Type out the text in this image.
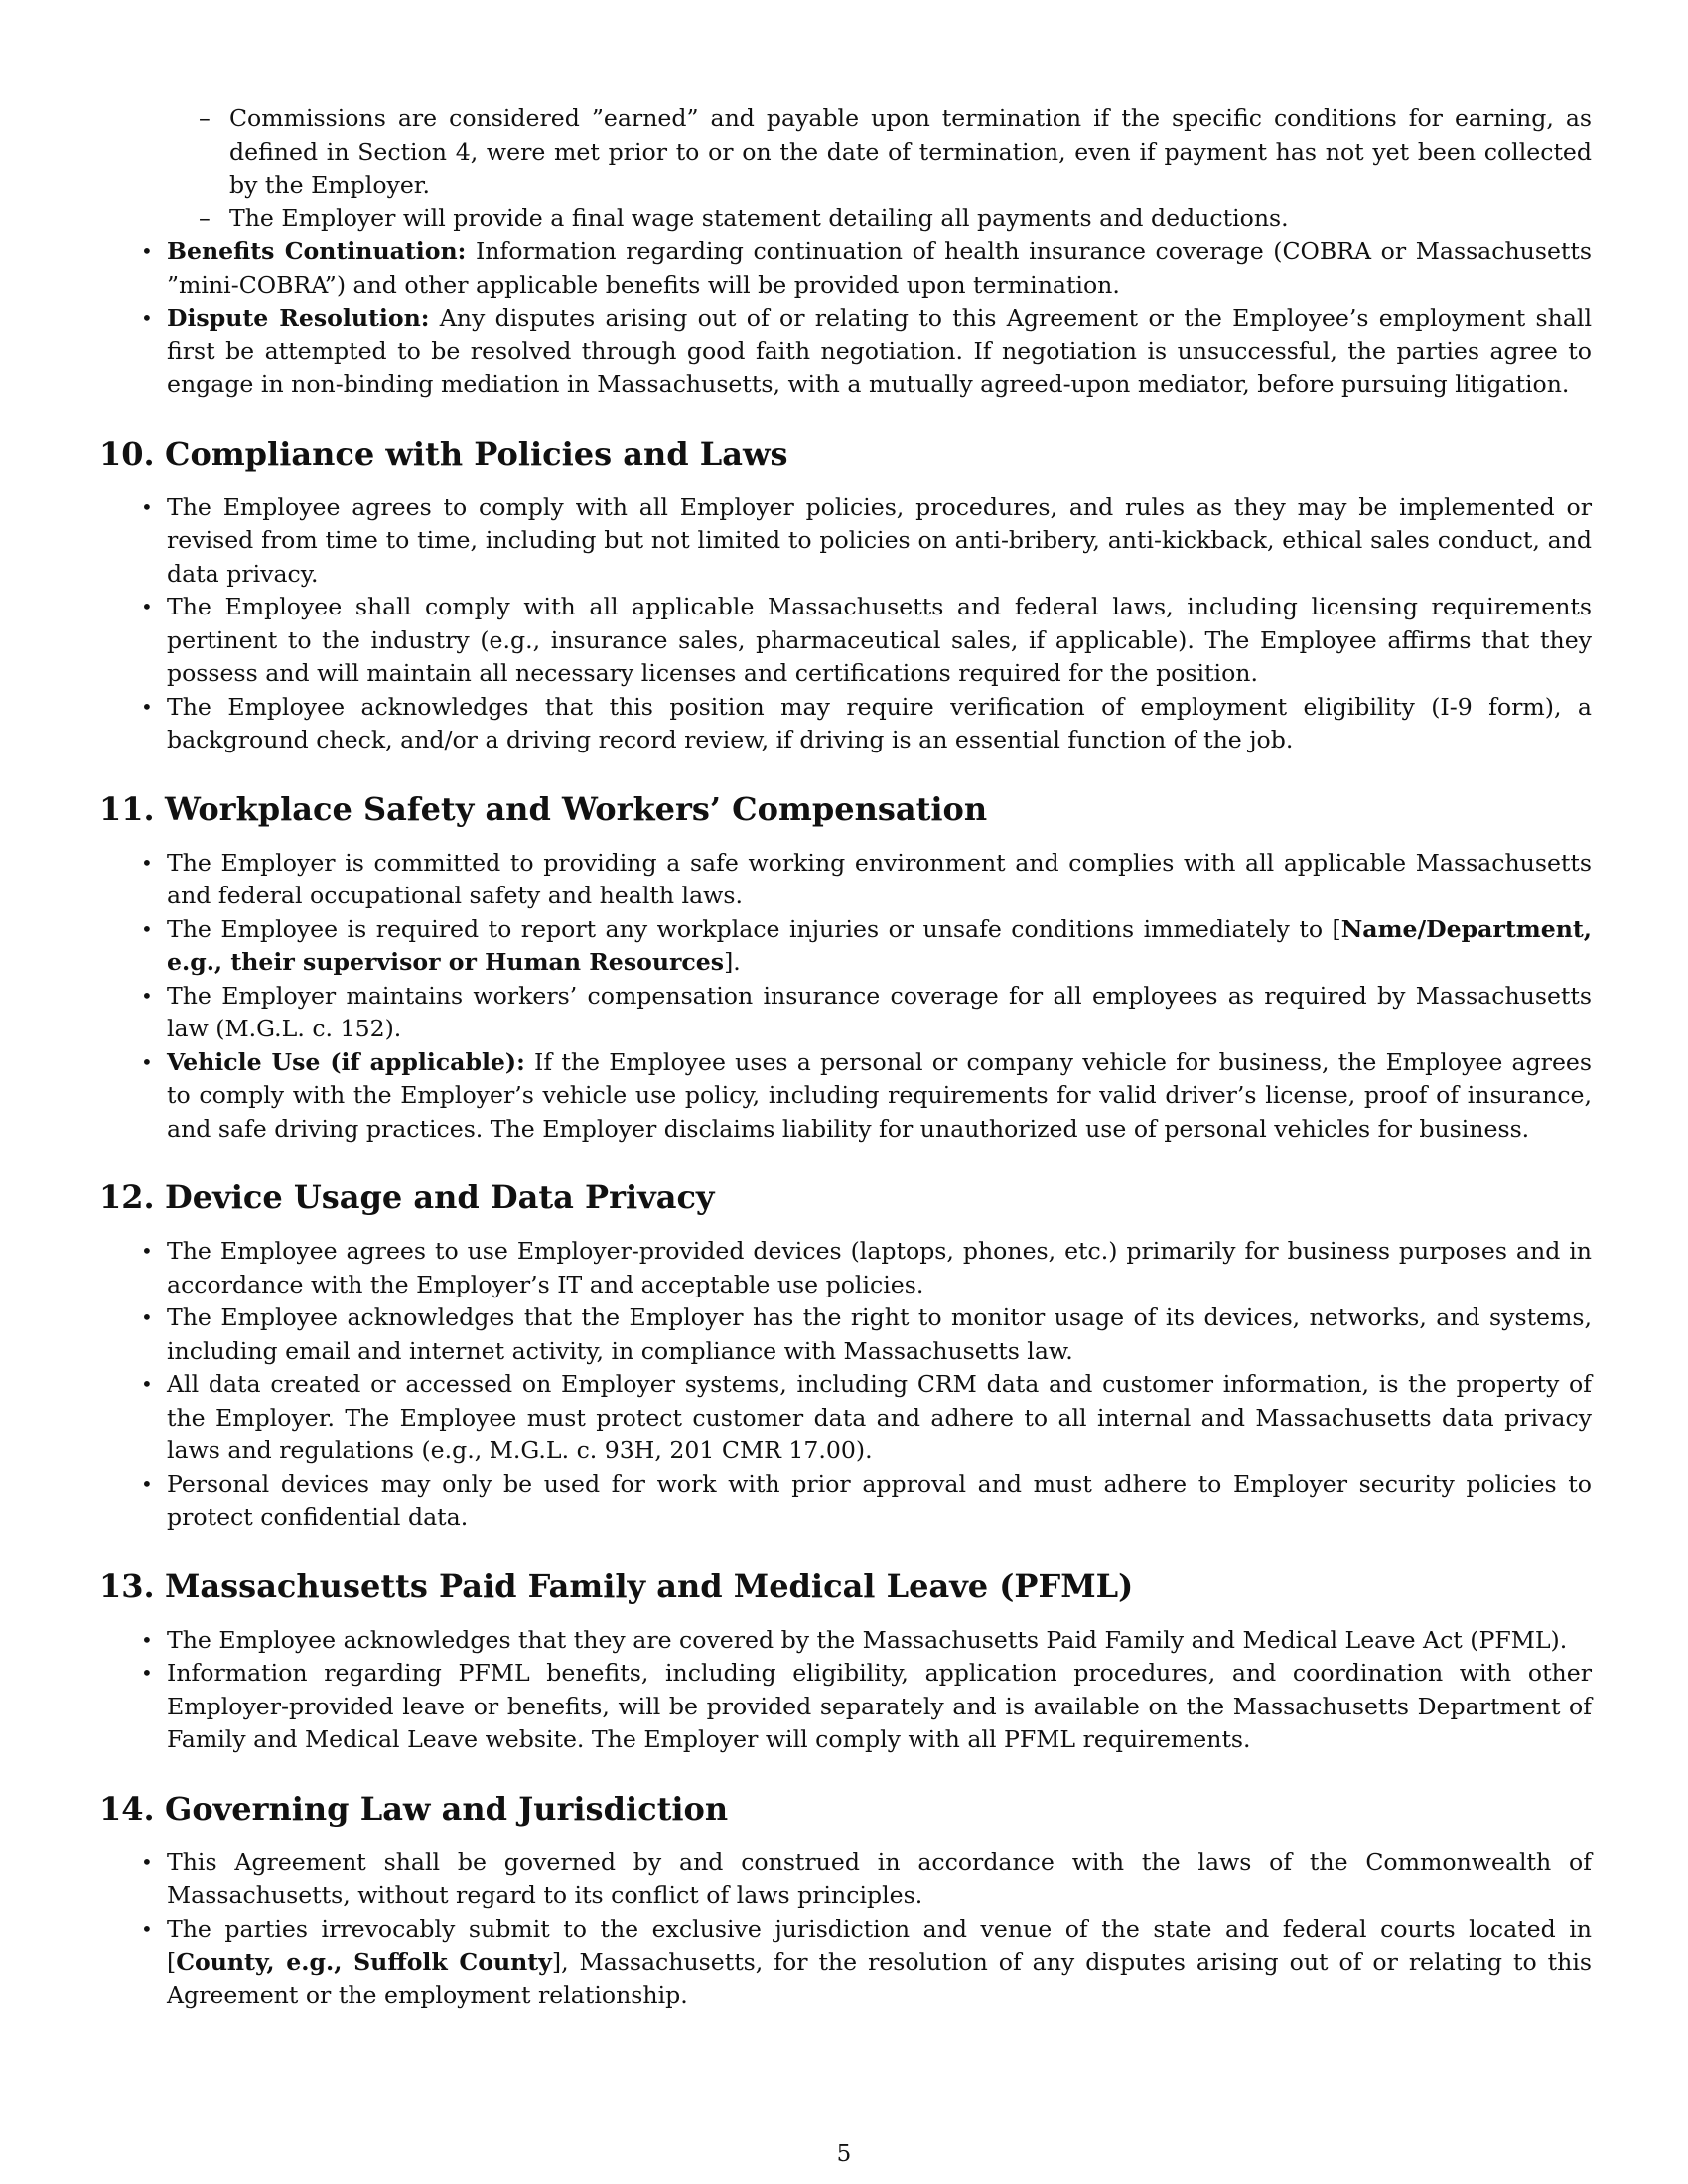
– Commissions are considered ”earned” and payable upon termination if the specific conditions for earning, as defined in Section 4, were met prior to or on the date of termination, even if payment has not yet been collected by the Employer.
– The Employer will provide a final wage statement detailing all payments and deductions.
• Benefits Continuation: Information regarding continuation of health insurance coverage (COBRA or Massachusetts ”mini-COBRA”) and other applicable benefits will be provided upon termination.
• Dispute Resolution: Any disputes arising out of or relating to this Agreement or the Employee’s employment shall first be attempted to be resolved through good faith negotiation. If negotiation is unsuccessful, the parties agree to engage in non-binding mediation in Massachusetts, with a mutually agreed-upon mediator, before pursuing litigation.
10. Compliance with Policies and Laws
• The Employee agrees to comply with all Employer policies, procedures, and rules as they may be implemented or revised from time to time, including but not limited to policies on anti-bribery, anti-kickback, ethical sales conduct, and data privacy.
• The Employee shall comply with all applicable Massachusetts and federal laws, including licensing requirements pertinent to the industry (e.g., insurance sales, pharmaceutical sales, if applicable). The Employee affirms that they possess and will maintain all necessary licenses and certifications required for the position.
• The Employee acknowledges that this position may require verification of employment eligibility (I-9 form), a background check, and/or a driving record review, if driving is an essential function of the job.
11. Workplace Safety and Workers’ Compensation
• The Employer is committed to providing a safe working environment and complies with all applicable Massachusetts and federal occupational safety and health laws.
• The Employee is required to report any workplace injuries or unsafe conditions immediately to [Name/Department, e.g., their supervisor or Human Resources].
• The Employer maintains workers’ compensation insurance coverage for all employees as required by Massachusetts law (M.G.L. c. 152).
• Vehicle Use (if applicable): If the Employee uses a personal or company vehicle for business, the Employee agrees to comply with the Employer’s vehicle use policy, including requirements for valid driver’s license, proof of insurance, and safe driving practices. The Employer disclaims liability for unauthorized use of personal vehicles for business.
12. Device Usage and Data Privacy
• The Employee agrees to use Employer-provided devices (laptops, phones, etc.) primarily for business purposes and in accordance with the Employer’s IT and acceptable use policies.
• The Employee acknowledges that the Employer has the right to monitor usage of its devices, networks, and systems, including email and internet activity, in compliance with Massachusetts law.
• All data created or accessed on Employer systems, including CRM data and customer information, is the property of the Employer. The Employee must protect customer data and adhere to all internal and Massachusetts data privacy laws and regulations (e.g., M.G.L. c. 93H, 201 CMR 17.00).
• Personal devices may only be used for work with prior approval and must adhere to Employer security policies to protect confidential data.
13. Massachusetts Paid Family and Medical Leave (PFML)
• The Employee acknowledges that they are covered by the Massachusetts Paid Family and Medical Leave Act (PFML).
• Information regarding PFML benefits, including eligibility, application procedures, and coordination with other Employer-provided leave or benefits, will be provided separately and is available on the Massachusetts Department of Family and Medical Leave website. The Employer will comply with all PFML requirements.
14. Governing Law and Jurisdiction
• This Agreement shall be governed by and construed in accordance with the laws of the Commonwealth of Massachusetts, without regard to its conflict of laws principles.
• The parties irrevocably submit to the exclusive jurisdiction and venue of the state and federal courts located in [County, e.g., Suffolk County], Massachusetts, for the resolution of any disputes arising out of or relating to this Agreement or the employment relationship.
5
